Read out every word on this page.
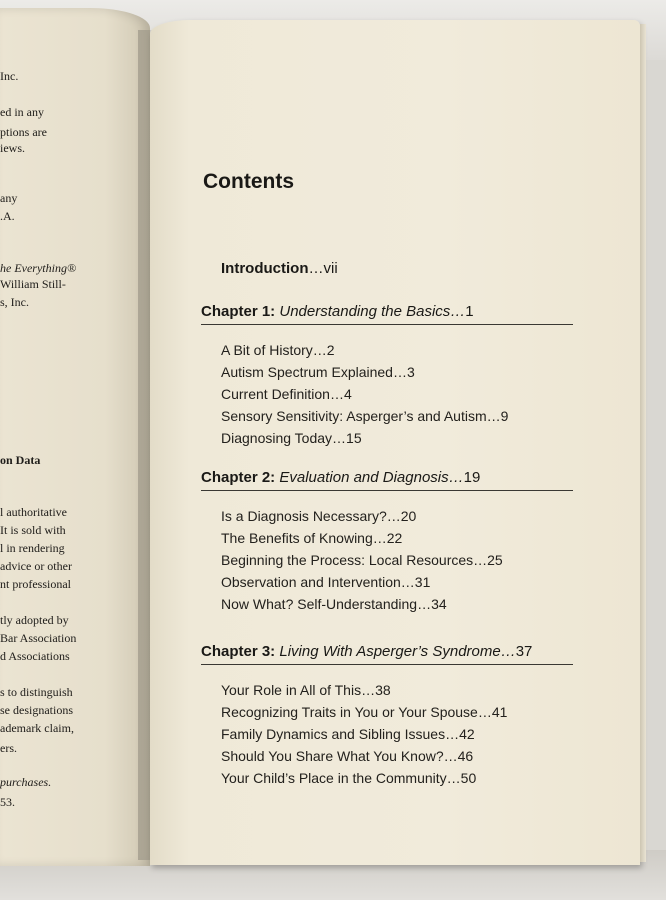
Inc.

ed in any

ptions are

iews.

any

.A.

he Everything®

William Still-

s, Inc.

on Data

l authoritative

It is sold with

l in rendering

advice or other

nt professional

tly adopted by

Bar Association

d Associations

s to distinguish

se designations

ademark claim,

ers.

purchases.

53.

Contents

Introduction…vii

Chapter 1: Understanding the Basics…1

A Bit of History…2
Autism Spectrum Explained…3
Current Definition…4
Sensory Sensitivity: Asperger’s and Autism…9
Diagnosing Today…15

Chapter 2: Evaluation and Diagnosis…19

Is a Diagnosis Necessary?…20
The Benefits of Knowing…22
Beginning the Process: Local Resources…25
Observation and Intervention…31
Now What? Self-Understanding…34

Chapter 3: Living With Asperger’s Syndrome…37

Your Role in All of This…38
Recognizing Traits in You or Your Spouse…41
Family Dynamics and Sibling Issues…42
Should You Share What You Know?…46
Your Child’s Place in the Community…50
